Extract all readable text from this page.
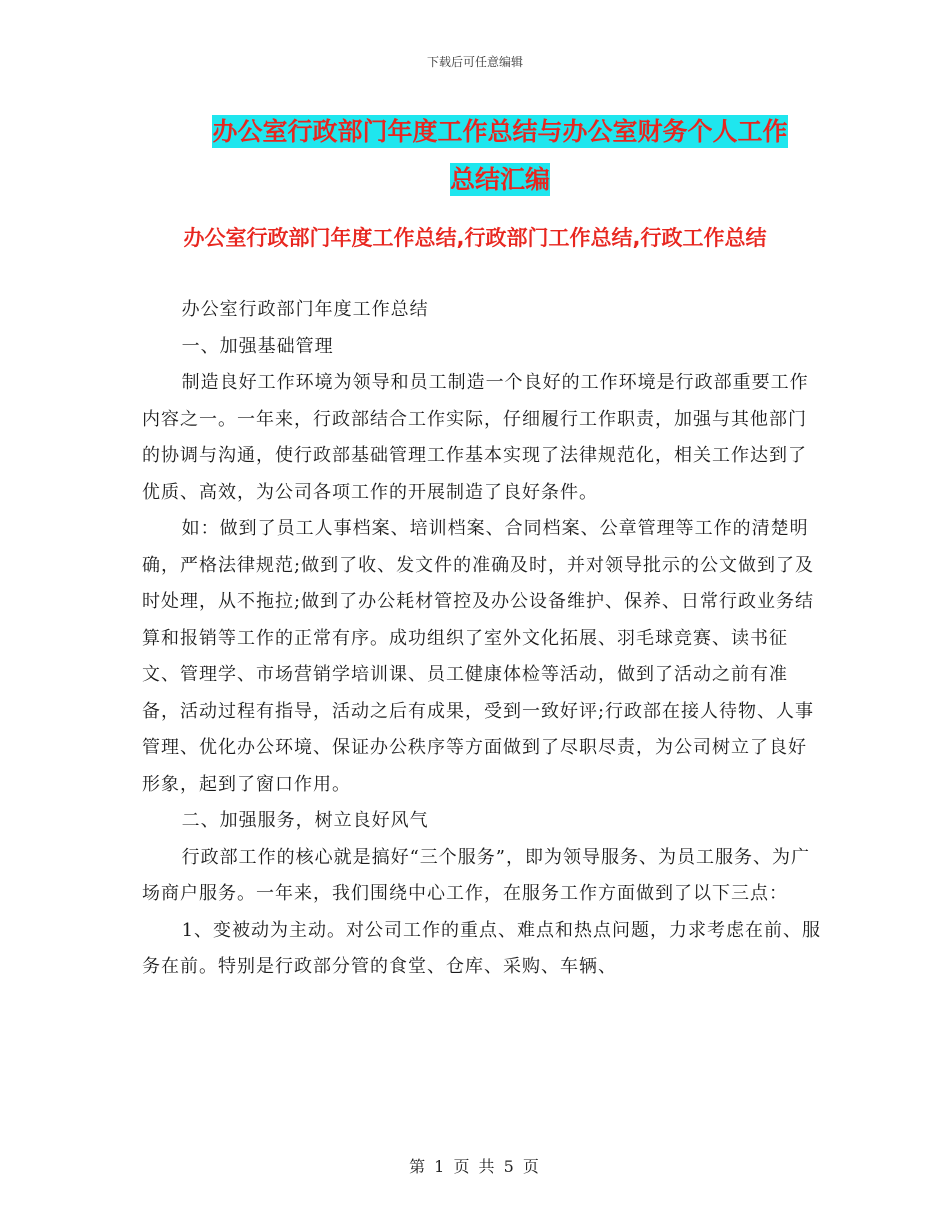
下载后可任意编辑
办公室行政部门年度工作总结与办公室财务个人工作
总结汇编
办公室行政部门年度工作总结,行政部门工作总结,行政工作总结

办公室行政部门年度工作总结

一、加强基础管理

制造良好工作环境为领导和员工制造一个良好的工作环境是行政部重要工作内容之一。一年来，行政部结合工作实际，仔细履行工作职责，加强与其他部门的协调与沟通，使行政部基础管理工作基本实现了法律规范化，相关工作达到了优质、高效，为公司各项工作的开展制造了良好条件。

如：做到了员工人事档案、培训档案、合同档案、公章管理等工作的清楚明确，严格法律规范;做到了收、发文件的准确及时，并对领导批示的公文做到了及时处理，从不拖拉;做到了办公耗材管控及办公设备维护、保养、日常行政业务结算和报销等工作的正常有序。成功组织了室外文化拓展、羽毛球竞赛、读书征文、管理学、市场营销学培训课、员工健康体检等活动，做到了活动之前有准备，活动过程有指导，活动之后有成果，受到一致好评;行政部在接人待物、人事管理、优化办公环境、保证办公秩序等方面做到了尽职尽责，为公司树立了良好形象，起到了窗口作用。

二、加强服务，树立良好风气

行政部工作的核心就是搞好“三个服务”，即为领导服务、为员工服务、为广场商户服务。一年来，我们围绕中心工作，在服务工作方面做到了以下三点：

1、变被动为主动。对公司工作的重点、难点和热点问题，力求考虑在前、服务在前。特别是行政部分管的食堂、仓库、采购、车辆、

第 1 页 共 5 页
